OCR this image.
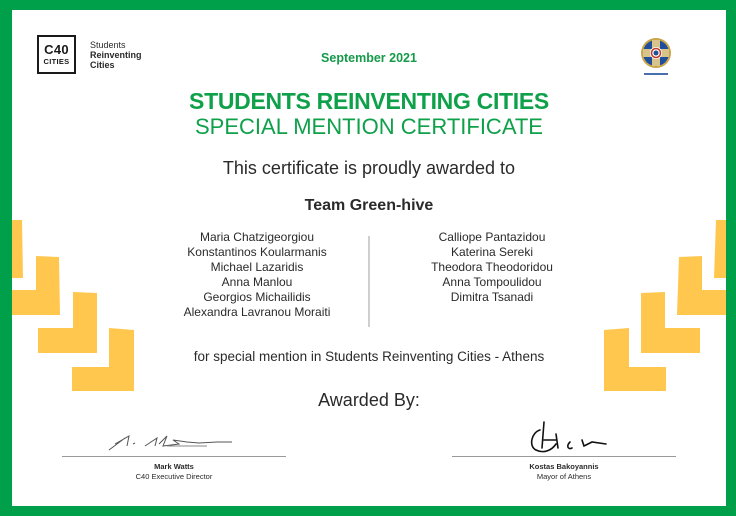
C40
CITIES
Students
Reinventing
Cities	September 2021
STUDENTS REINVENTING CITIES
SPECIAL MENTION CERTIFICATE
This certificate is proudly awarded to
Team Green-hive
Maria Chatzigeorgiou
Konstantinos Koularmanis
Michael Lazaridis
Anna Manlou
Georgios Michailidis
Alexandra Lavranou Moraiti
Calliope Pantazidou
Katerina Sereki
Theodora Theodoridou
Anna Tompoulidou
Dimitra Tsanadi
for special mention in Students Reinventing Cities - Athens
Awarded By:
Mark Watts
C40 Executive Director
Kostas Bakoyannis
Mayor of Athens
